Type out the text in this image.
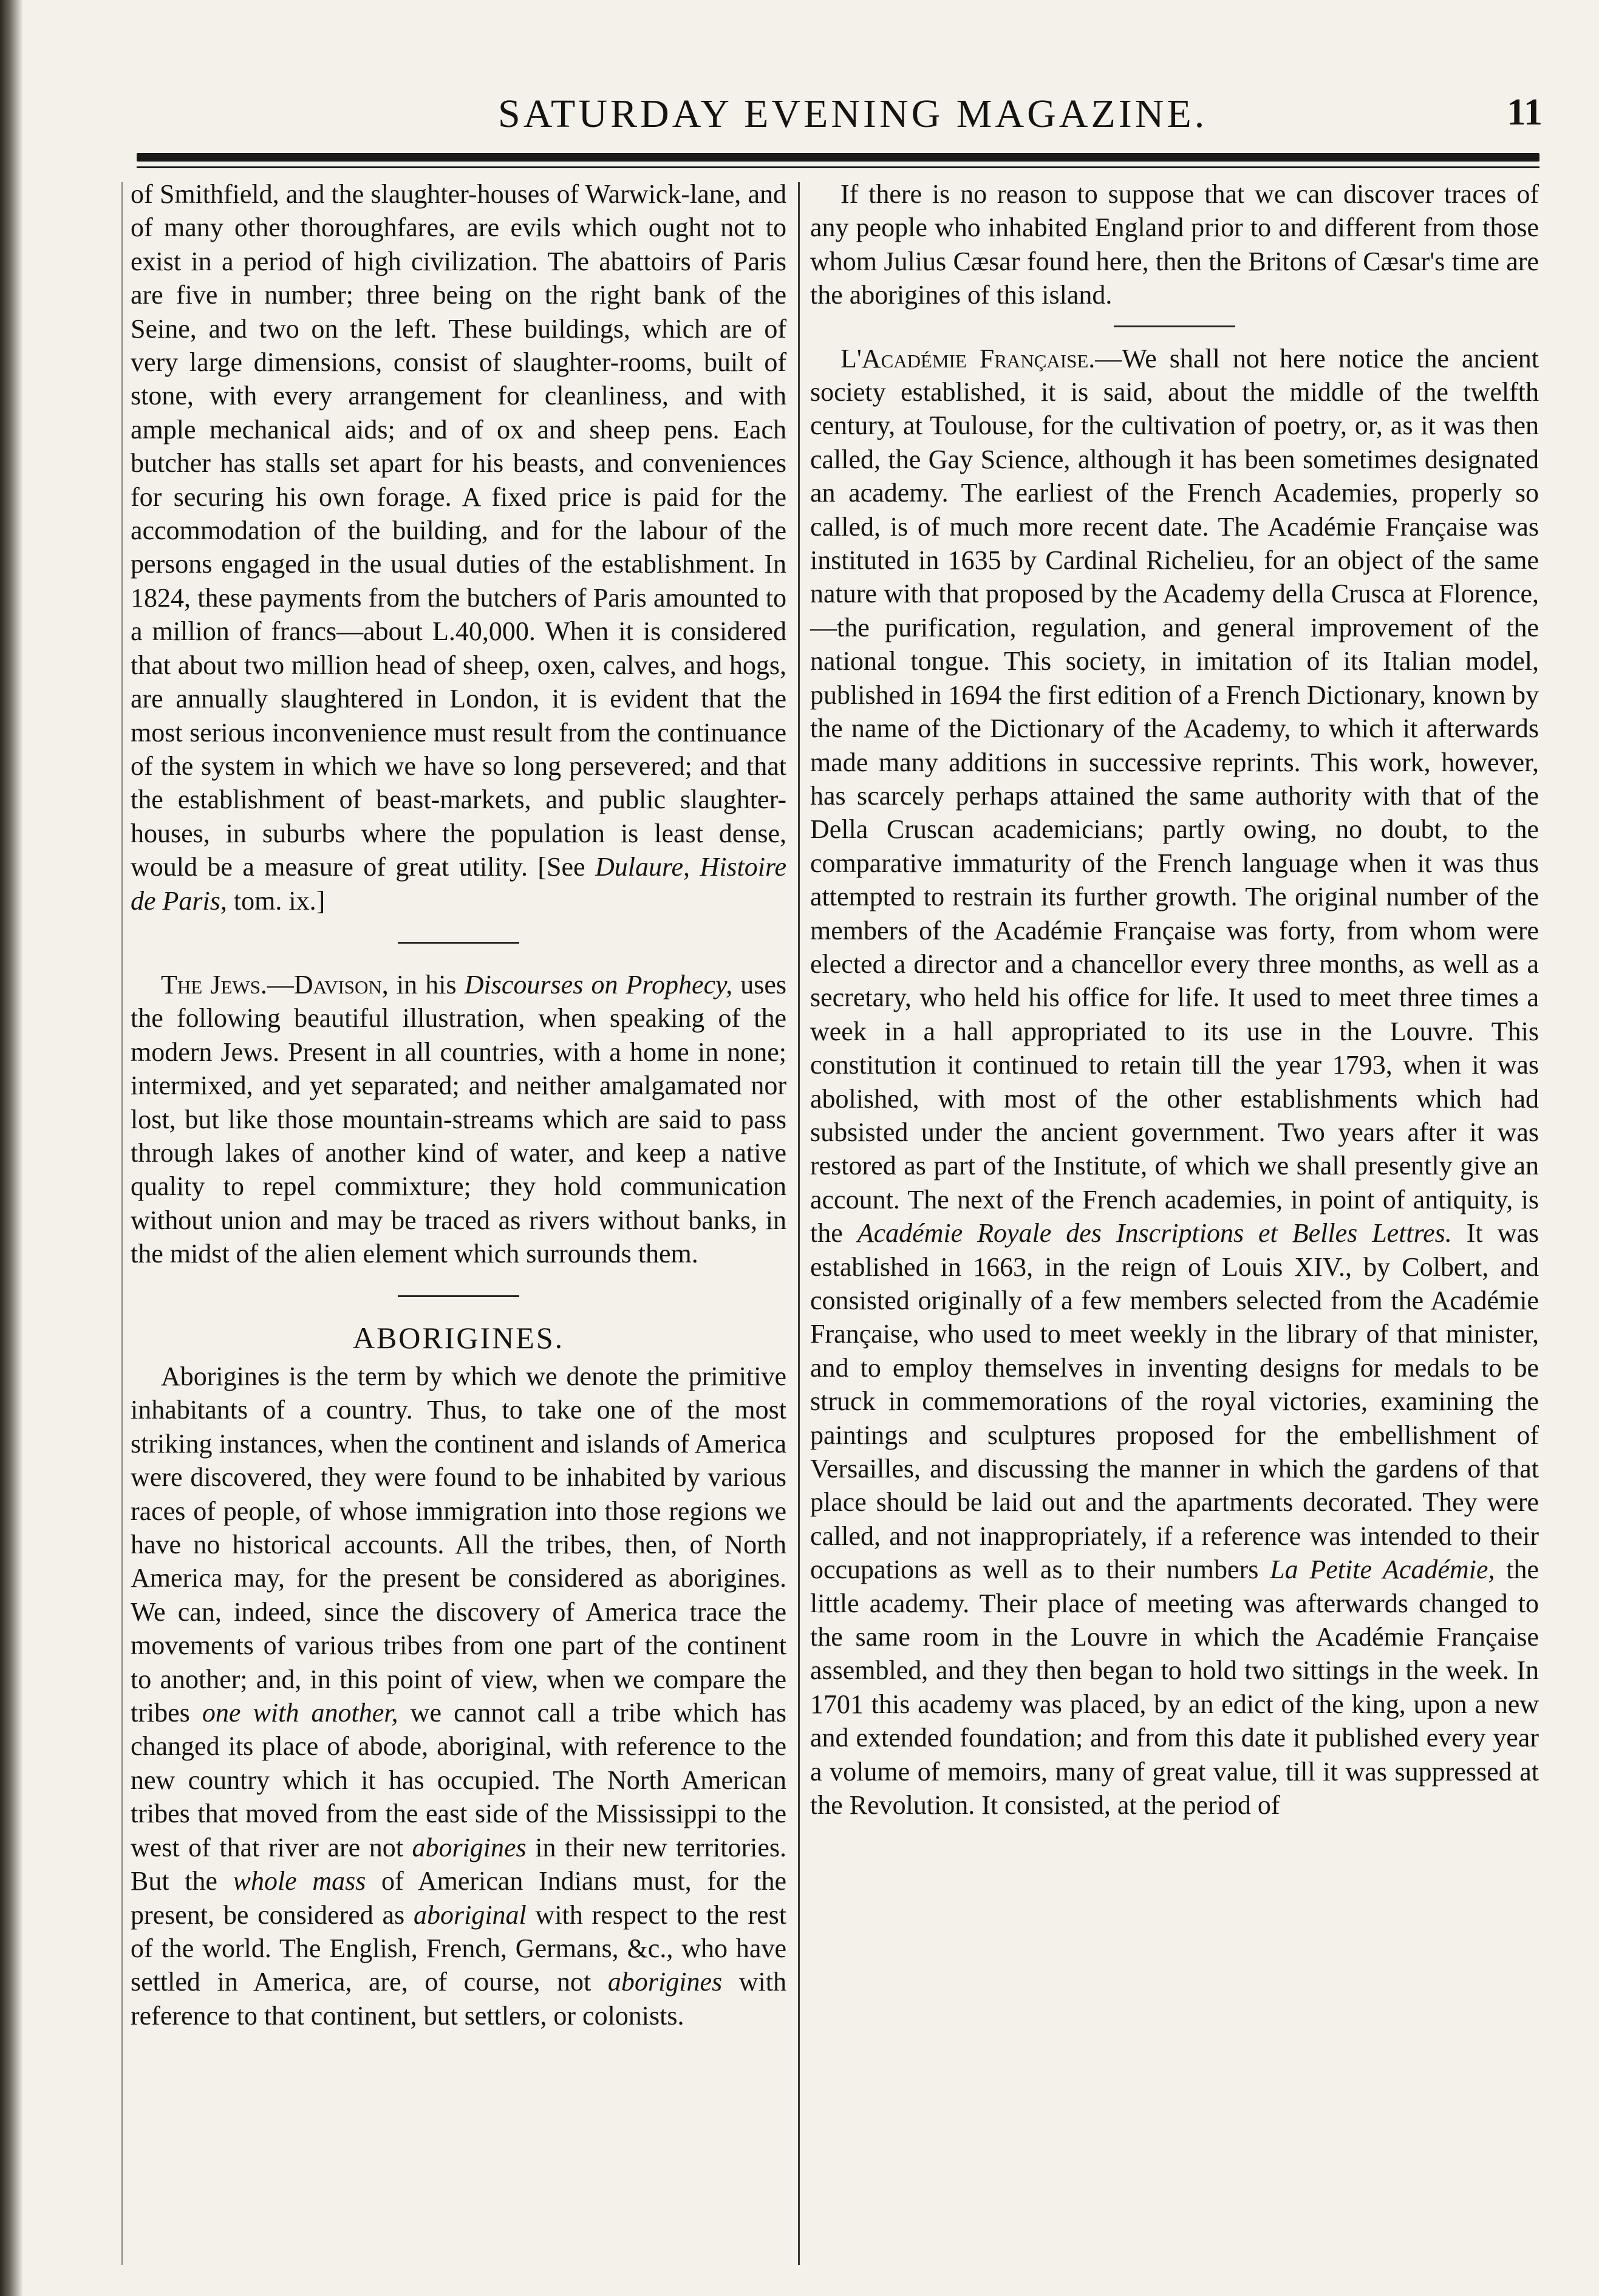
SATURDAY EVENING MAGAZINE.	11

of Smithfield, and the slaughter-houses of Warwick-lane, and of many other thoroughfares, are evils which ought not to exist in a period of high civilization. The abattoirs of Paris are five in number; three being on the right bank of the Seine, and two on the left. These buildings, which are of very large dimensions, consist of slaughter-rooms, built of stone, with every arrangement for cleanliness, and with ample mechanical aids; and of ox and sheep pens. Each butcher has stalls set apart for his beasts, and conveniences for securing his own forage. A fixed price is paid for the accommodation of the building, and for the labour of the persons engaged in the usual duties of the establishment. In 1824, these payments from the butchers of Paris amounted to a million of francs—about L.40,000. When it is considered that about two million head of sheep, oxen, calves, and hogs, are annually slaughtered in London, it is evident that the most serious inconvenience must result from the continuance of the system in which we have so long persevered; and that the establishment of beast-markets, and public slaughter-houses, in suburbs where the population is least dense, would be a measure of great utility. [See Dulaure, Histoire de Paris, tom. ix.]

The Jews.—Davison, in his Discourses on Prophecy, uses the following beautiful illustration, when speaking of the modern Jews. Present in all countries, with a home in none; intermixed, and yet separated; and neither amalgamated nor lost, but like those mountain-streams which are said to pass through lakes of another kind of water, and keep a native quality to repel commixture; they hold communication without union and may be traced as rivers without banks, in the midst of the alien element which surrounds them.

ABORIGINES.

Aborigines is the term by which we denote the primitive inhabitants of a country. Thus, to take one of the most striking instances, when the continent and islands of America were discovered, they were found to be inhabited by various races of people, of whose immigration into those regions we have no historical accounts. All the tribes, then, of North America may, for the present be considered as aborigines. We can, indeed, since the discovery of America trace the movements of various tribes from one part of the continent to another; and, in this point of view, when we compare the tribes one with another, we cannot call a tribe which has changed its place of abode, aboriginal, with reference to the new country which it has occupied. The North American tribes that moved from the east side of the Mississippi to the west of that river are not aborigines in their new territories. But the whole mass of American Indians must, for the present, be considered as aboriginal with respect to the rest of the world. The English, French, Germans, &c., who have settled in America, are, of course, not aborigines with reference to that continent, but settlers, or colonists.

If there is no reason to suppose that we can discover traces of any people who inhabited England prior to and different from those whom Julius Cæsar found here, then the Britons of Cæsar's time are the aborigines of this island.

L'Académie Française.—We shall not here notice the ancient society established, it is said, about the middle of the twelfth century, at Toulouse, for the cultivation of poetry, or, as it was then called, the Gay Science, although it has been sometimes designated an academy. The earliest of the French Academies, properly so called, is of much more recent date. The Académie Française was instituted in 1635 by Cardinal Richelieu, for an object of the same nature with that proposed by the Academy della Crusca at Florence,—the purification, regulation, and general improvement of the national tongue. This society, in imitation of its Italian model, published in 1694 the first edition of a French Dictionary, known by the name of the Dictionary of the Academy, to which it afterwards made many additions in successive reprints. This work, however, has scarcely perhaps attained the same authority with that of the Della Cruscan academicians; partly owing, no doubt, to the comparative immaturity of the French language when it was thus attempted to restrain its further growth. The original number of the members of the Académie Française was forty, from whom were elected a director and a chancellor every three months, as well as a secretary, who held his office for life. It used to meet three times a week in a hall appropriated to its use in the Louvre. This constitution it continued to retain till the year 1793, when it was abolished, with most of the other establishments which had subsisted under the ancient government. Two years after it was restored as part of the Institute, of which we shall presently give an account. The next of the French academies, in point of antiquity, is the Académie Royale des Inscriptions et Belles Lettres. It was established in 1663, in the reign of Louis XIV., by Colbert, and consisted originally of a few members selected from the Académie Française, who used to meet weekly in the library of that minister, and to employ themselves in inventing designs for medals to be struck in commemorations of the royal victories, examining the paintings and sculptures proposed for the embellishment of Versailles, and discussing the manner in which the gardens of that place should be laid out and the apartments decorated. They were called, and not inappropriately, if a reference was intended to their occupations as well as to their numbers La Petite Académie, the little academy. Their place of meeting was afterwards changed to the same room in the Louvre in which the Académie Française assembled, and they then began to hold two sittings in the week. In 1701 this academy was placed, by an edict of the king, upon a new and extended foundation; and from this date it published every year a volume of memoirs, many of great value, till it was suppressed at the Revolution. It consisted, at the period of
